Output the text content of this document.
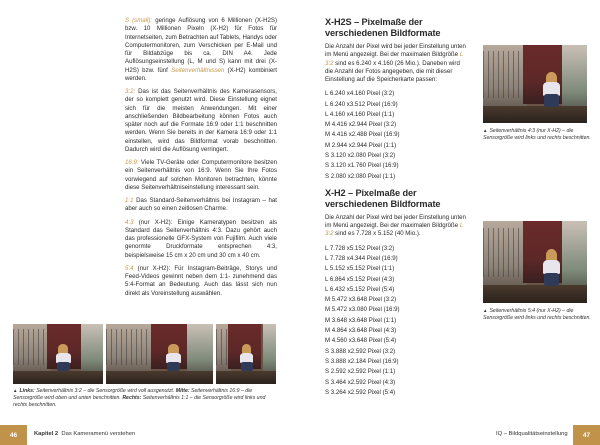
S (small): geringe Auflösung von 6 Millionen (X-H2S) bzw. 10 Millionen Pixeln (X-H2) für Fotos für Internetseiten, zum Betrachten auf Tablets, Handys oder Computermonitoren, zum Verschicken per E-Mail und für Bildabzüge bis ca. DIN A4. Jede Auflösungseinstellung (L, M und S) kann mit drei (X-H2S) bzw. fünf Seitenverhältnissen (X-H2) kombiniert werden.

3:2: Das ist das Seitenverhältnis des Kamerasensors, der so komplett genutzt wird. Diese Einstellung eignet sich für die meisten Anwendungen. Mit einer anschließenden Bildbearbeitung können Fotos auch später noch auf die Formate 16:9 oder 1:1 beschnitten werden. Wenn Sie bereits in der Kamera 16:9 oder 1:1 einstellen, wird das Bildformat vorab beschnitten. Dadurch wird die Auflösung verringert.

16:9: Viele TV-Geräte oder Computermonitore besitzen ein Seitenverhältnis von 16:9. Wenn Sie Ihre Fotos vorwiegend auf solchen Monitoren betrachten, könnte diese Seitenverhältniseinstellung interessant sein.

1:1 Das Standard-Seitenverhältnis bei Instagram – hat aber auch so einen zeitlosen Charme.

4:3 (nur X-H2): Einige Kameratypen besitzen als Standard das Seitenverhältnis 4:3. Dazu gehört auch das professionelle GFX-System von Fujifilm. Auch viele genormte Druckformate entsprechen 4:3, beispielsweise 15 cm x 20 cm und 30 cm x 40 cm.

5:4 (nur X-H2): Für Instagram-Beiträge, Storys und Feed-Videos gewinnt neben dem 1:1- zunehmend das 5:4-Format an Bedeutung. Auch das lässt sich nun direkt als Voreinstellung auswählen.

▲ Links: Seitenverhältnis 3:2 – die Sensorgröße wird voll ausgenutzt. Mitte: Seitenverhältnis 16:9 – die Sensorgröße wird oben und unten beschnitten. Rechts: Seitenverhältnis 1:1 – die Sensorgröße wird links und rechts beschnitten.
46	Kapitel 2 Das Kameramenü verstehen
X-H2S – Pixelmaße der verschiedenen Bildformate

Die Anzahl der Pixel wird bei jeder Einstellung unten im Menü angezeigt. Bei der maximalen Bildgröße L 3:2 sind es 6.240 x 4.160 (26 Mio.). Daneben wird die Anzahl der Fotos angegeben, die mit dieser Einstellung auf die Speicherkarte passen:

L 6.240 x4.160 Pixel (3:2)
L 6.240 x3.512 Pixel (16:9)
L 4.160 x4.160 Pixel (1:1)
M 4.416 x2.944 Pixel (3:2)
M 4.416 x2.488 Pixel (16:9)
M 2.944 x2.944 Pixel (1:1)
S 3.120 x2.080 Pixel (3:2)
S 3.120 x1.760 Pixel (16:9)
S 2.080 x2.080 Pixel (1:1)
X-H2 – Pixelmaße der verschiedenen Bildformate

Die Anzahl der Pixel wird bei jeder Einstellung unten im Menü angezeigt. Bei der maximalen Bildgröße L 3:2 sind es 7.728 x 5.152 (40 Mio.).

L 7.728 x5.152 Pixel (3:2)
L 7.728 x4.344 Pixel (16:9)
L 5.152 x5.152 Pixel (1:1)
L 6.864 x5.152 Pixel (4:3)
L 6.432 x5.152 Pixel (5:4)
M 5.472 x3.648 Pixel (3:2)
M 5.472 x3.080 Pixel (16:9)
M 3.648 x3.648 Pixel (1:1)
M 4.864 x3.648 Pixel (4:3)
M 4.560 x3.648 Pixel (5:4)
S 3.888 x2.592 Pixel (3:2)
S 3.888 x2.184 Pixel (16:9)
S 2.592 x2.592 Pixel (1:1)
S 3.464 x2.592 Pixel (4:3)
S 3.264 x2.592 Pixel (5:4)
▲ Seitenverhältnis 4:3 (nur X-H2) – die Sensorgröße wird links und rechts beschnitten.
▲ Seitenverhältnis 5:4 (nur X-H2) – die Sensorgröße wird links und rechts beschnitten.
IQ – Bildqualitätseinstellung	47
